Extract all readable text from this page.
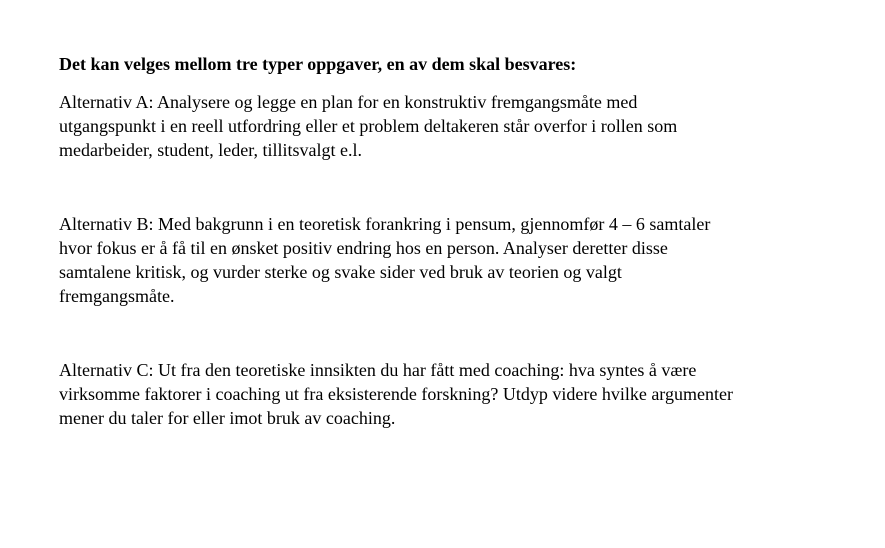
Det kan velges mellom tre typer oppgaver, en av dem skal besvares:

Alternativ A: Analysere og legge en plan for en konstruktiv fremgangsmåte med
utgangspunkt i en reell utfordring eller et problem deltakeren står overfor i rollen som
medarbeider, student, leder, tillitsvalgt e.l.

Alternativ B: Med bakgrunn i en teoretisk forankring i pensum, gjennomfør 4 – 6 samtaler
hvor fokus er å få til en ønsket positiv endring hos en person. Analyser deretter disse
samtalene kritisk, og vurder sterke og svake sider ved bruk av teorien og valgt
fremgangsmåte.

Alternativ C: Ut fra den teoretiske innsikten du har fått med coaching: hva syntes å være
virksomme faktorer i coaching ut fra eksisterende forskning? Utdyp videre hvilke argumenter
mener du taler for eller imot bruk av coaching.
